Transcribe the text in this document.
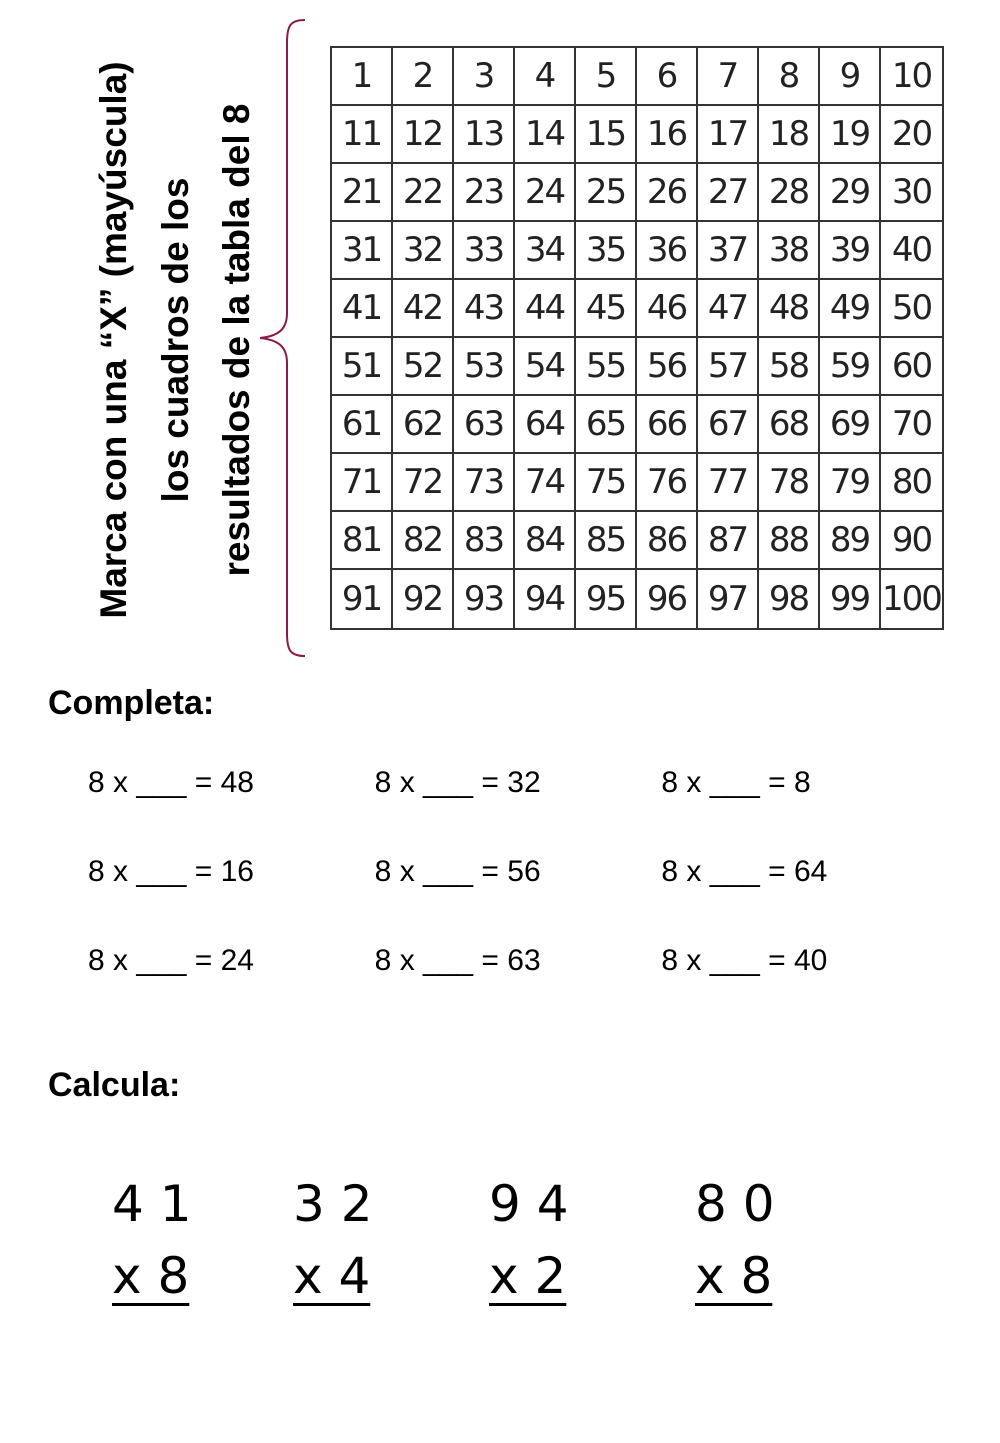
Marca con una “X” (mayúscula) los cuadros de los resultados de la tabla del 8
1	2	3	4	5	6	7	8	9 10
11 12 13 14 15 16 17 18 19 20
21 22 23 24 25 26 27 28 29 30
31 32 33 34 35 36 37 38 39 40
41 42 43 44 45 46 47 48 49 50
51 52 53 54 55 56 57 58 59 60
61 62 63 64 65 66 67 68 69 70
71 72 73 74 75 76 77 78 79 80
81 82 83 84 85 86 87 88 89 90
91 92 93 94 95 96 97 98 99 100
Completa:
8 x ___ = 48	8 x ___ = 32	8 x ___ = 8
8 x ___ = 16	8 x ___ = 56	8 x ___ = 64
8 x ___ = 24	8 x ___ = 63	8 x ___ = 40
Calcula:
4 1
x 8
3 2
x 4
9 4
x 2
8 0
x 8
